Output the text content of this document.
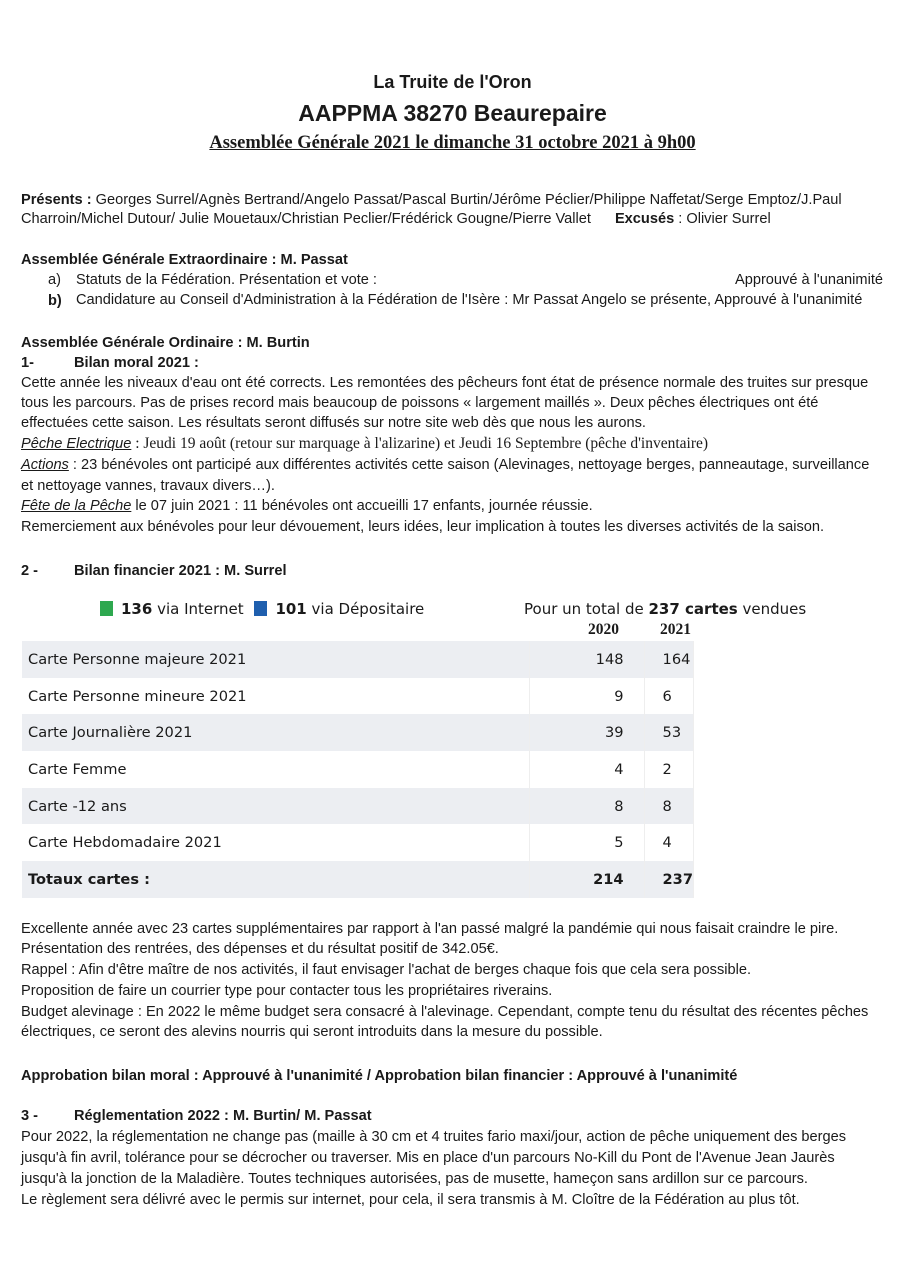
La Truite de l'Oron
AAPPMA 38270 Beaurepaire
Assemblée Générale 2021 le dimanche 31 octobre 2021 à 9h00
Présents : Georges Surrel/Agnès Bertrand/Angelo Passat/Pascal Burtin/Jérôme Péclier/Philippe Naffetat/Serge Emptoz/J.Paul
Charroin/Michel Dutour/ Julie Mouetaux/Christian Peclier/Frédérick Gougne/Pierre Vallet Excusés : Olivier Surrel
Assemblée Générale Extraordinaire : M. Passat
a) Statuts de la Fédération. Présentation et vote :	Approuvé à l'unanimité
b) Candidature au Conseil d'Administration à la Fédération de l'Isère : Mr Passat Angelo se présente, Approuvé à l'unanimité
Assemblée Générale Ordinaire : M. Burtin
1-	Bilan moral 2021 :
Cette année les niveaux d'eau ont été corrects. Les remontées des pêcheurs font état de présence normale des truites sur presque
tous les parcours. Pas de prises record mais beaucoup de poissons « largement maillés ». Deux pêches électriques ont été
effectuées cette saison. Les résultats seront diffusés sur notre site web dès que nous les aurons.
Pêche Electrique : Jeudi 19 août (retour sur marquage à l'alizarine) et Jeudi 16 Septembre (pêche d'inventaire)
Actions : 23 bénévoles ont participé aux différentes activités cette saison (Alevinages, nettoyage berges, panneautage, surveillance
et nettoyage vannes, travaux divers…).
Fête de la Pêche le 07 juin 2021 : 11 bénévoles ont accueilli 17 enfants, journée réussie.
Remerciement aux bénévoles pour leur dévouement, leurs idées, leur implication à toutes les diverses activités de la saison.
2 - Bilan financier 2021 : M. Surrel
136 via Internet 101 via Dépositaire	Pour un total de 237 cartes vendues
2020	2021
Carte Personne majeure 2021	148	164
Carte Personne mineure 2021	9	6
Carte Journalière 2021	39	53
Carte Femme	4	2
Carte -12 ans	8	8
Carte Hebdomadaire 2021	5	4
Totaux cartes :	214	237
Excellente année avec 23 cartes supplémentaires par rapport à l'an passé malgré la pandémie qui nous faisait craindre le pire.
Présentation des rentrées, des dépenses et du résultat positif de 342.05€.
Rappel : Afin d'être maître de nos activités, il faut envisager l'achat de berges chaque fois que cela sera possible.
Proposition de faire un courrier type pour contacter tous les propriétaires riverains.
Budget alevinage : En 2022 le même budget sera consacré à l'alevinage. Cependant, compte tenu du résultat des récentes pêches
électriques, ce seront des alevins nourris qui seront introduits dans la mesure du possible.
Approbation bilan moral : Approuvé à l'unanimité / Approbation bilan financier : Approuvé à l'unanimité
3 - Réglementation 2022 : M. Burtin/ M. Passat
Pour 2022, la réglementation ne change pas (maille à 30 cm et 4 truites fario maxi/jour, action de pêche uniquement des berges
jusqu'à fin avril, tolérance pour se décrocher ou traverser. Mis en place d'un parcours No-Kill du Pont de l'Avenue Jean Jaurès
jusqu'à la jonction de la Maladière. Toutes techniques autorisées, pas de musette, hameçon sans ardillon sur ce parcours.
Le règlement sera délivré avec le permis sur internet, pour cela, il sera transmis à M. Cloître de la Fédération au plus tôt.
